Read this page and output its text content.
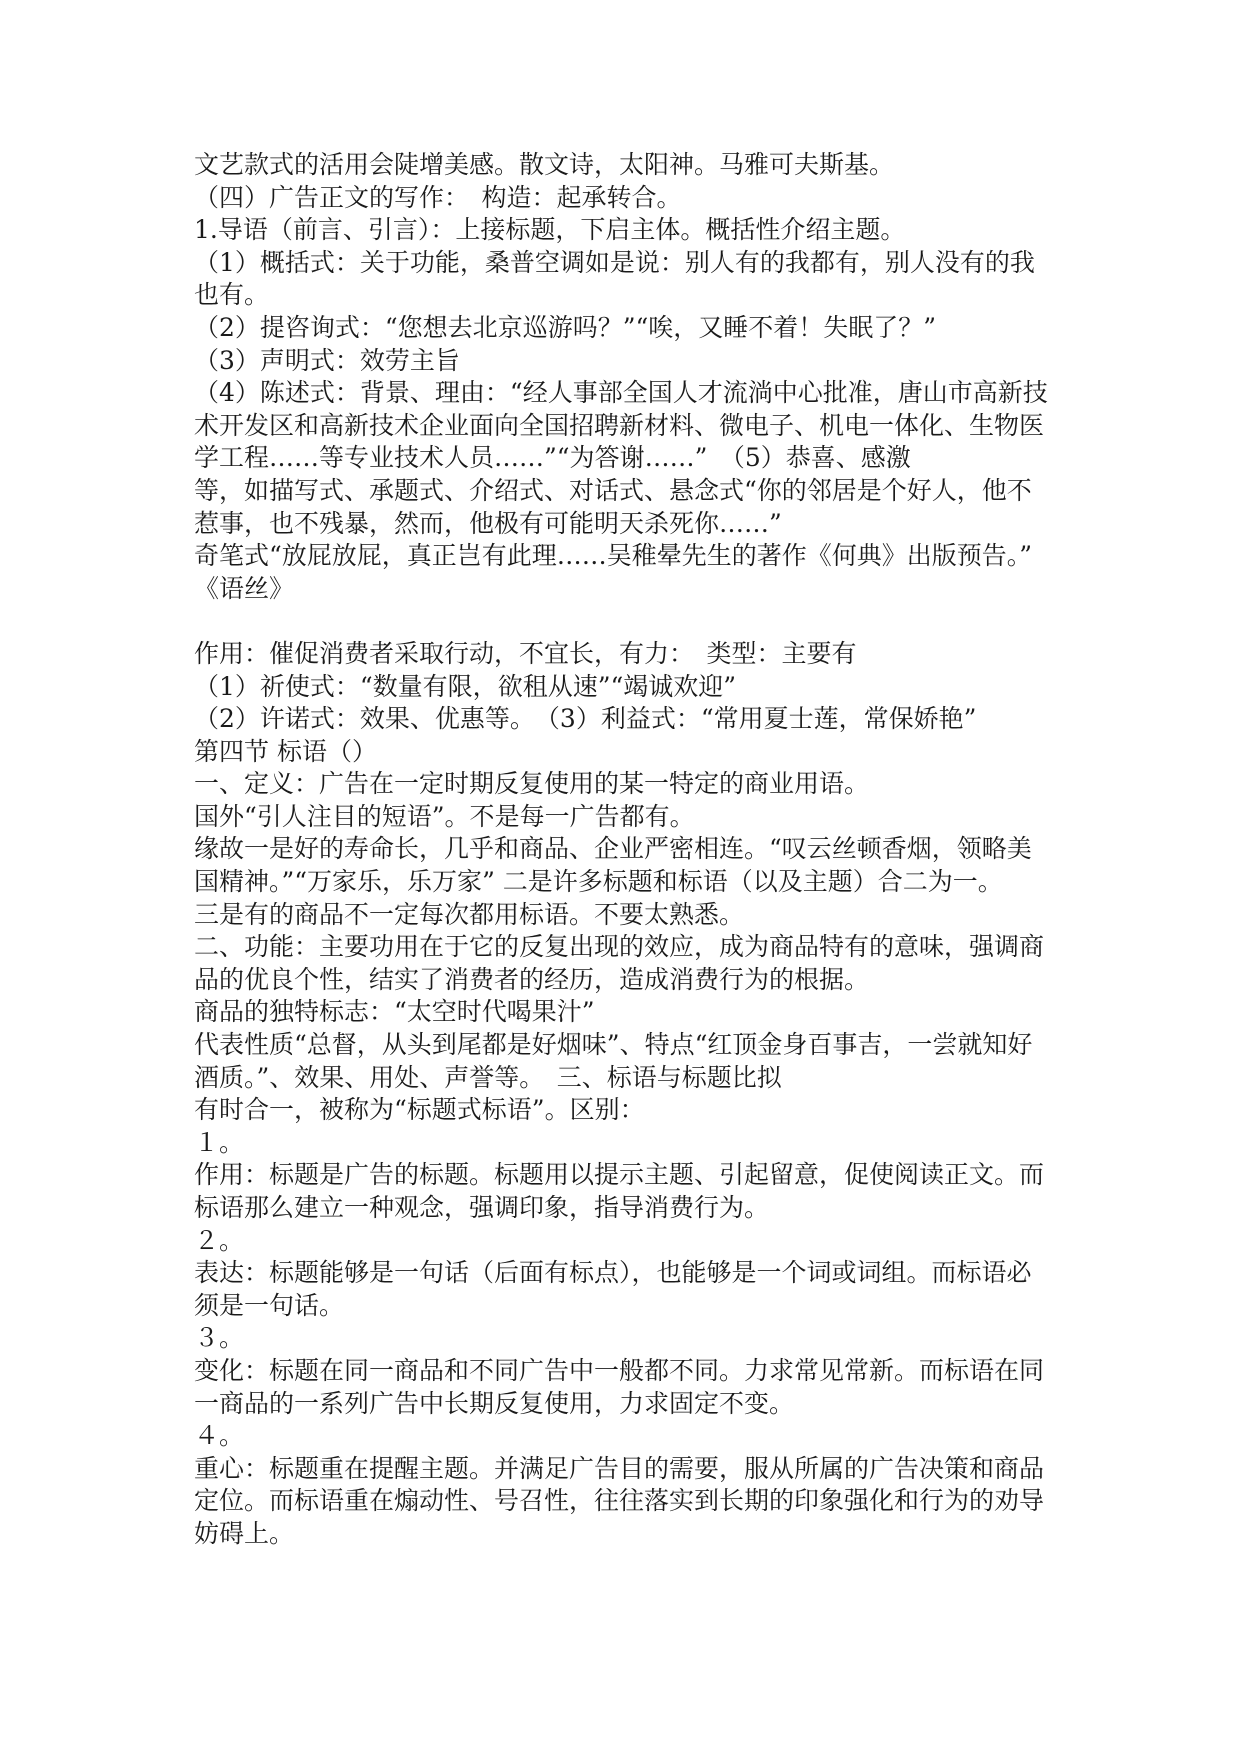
文艺款式的活用会陡增美感。散文诗，太阳神。马雅可夫斯基。
（四）广告正文的写作：　构造：起承转合。
1.导语（前言、引言）：上接标题，下启主体。概括性介绍主题。
（1）概括式：关于功能，桑普空调如是说：别人有的我都有，别人没有的我
也有。
（2）提咨询式：“您想去北京巡游吗？”“唉，又睡不着！失眠了？”
（3）声明式：效劳主旨
（4）陈述式：背景、理由：“经人事部全国人才流淌中心批准，唐山市高新技
术开发区和高新技术企业面向全国招聘新材料、微电子、机电一体化、生物医
学工程……等专业技术人员……”“为答谢……”　（5）恭喜、感激
等，如描写式、承题式、介绍式、对话式、悬念式“你的邻居是个好人，他不
惹事，也不残暴，然而，他极有可能明天杀死你……”
奇笔式“放屁放屁，真正岂有此理……吴稚晕先生的著作《何典》出版预告。”
《语丝》
作用：催促消费者采取行动，不宜长，有力：　类型：主要有
（1）祈使式：“数量有限，欲租从速”“竭诚欢迎”
（2）许诺式：效果、优惠等。　（3）利益式：“常用夏士莲，常保娇艳”
第四节 标语（）
一、定义：广告在一定时期反复使用的某一特定的商业用语。
国外“引人注目的短语”。不是每一广告都有。
缘故一是好的寿命长，几乎和商品、企业严密相连。“叹云丝顿香烟，领略美
国精神。”“万家乐，乐万家” 二是许多标题和标语（以及主题）合二为一。
三是有的商品不一定每次都用标语。不要太熟悉。
二、功能：主要功用在于它的反复出现的效应，成为商品特有的意味，强调商
品的优良个性，结实了消费者的经历，造成消费行为的根据。
商品的独特标志：“太空时代喝果汁”
代表性质“总督，从头到尾都是好烟味”、特点“红顶金身百事吉，一尝就知好
酒质。”、效果、用处、声誉等。　三、标语与标题比拟
有时合一，被称为“标题式标语”。区别：
１。
作用：标题是广告的标题。标题用以提示主题、引起留意，促使阅读正文。而
标语那么建立一种观念，强调印象，指导消费行为。
２。
表达：标题能够是一句话（后面有标点），也能够是一个词或词组。而标语必
须是一句话。
３。
变化：标题在同一商品和不同广告中一般都不同。力求常见常新。而标语在同
一商品的一系列广告中长期反复使用，力求固定不变。
４。
重心：标题重在提醒主题。并满足广告目的需要，服从所属的广告决策和商品
定位。而标语重在煽动性、号召性，往往落实到长期的印象强化和行为的劝导
妨碍上。
